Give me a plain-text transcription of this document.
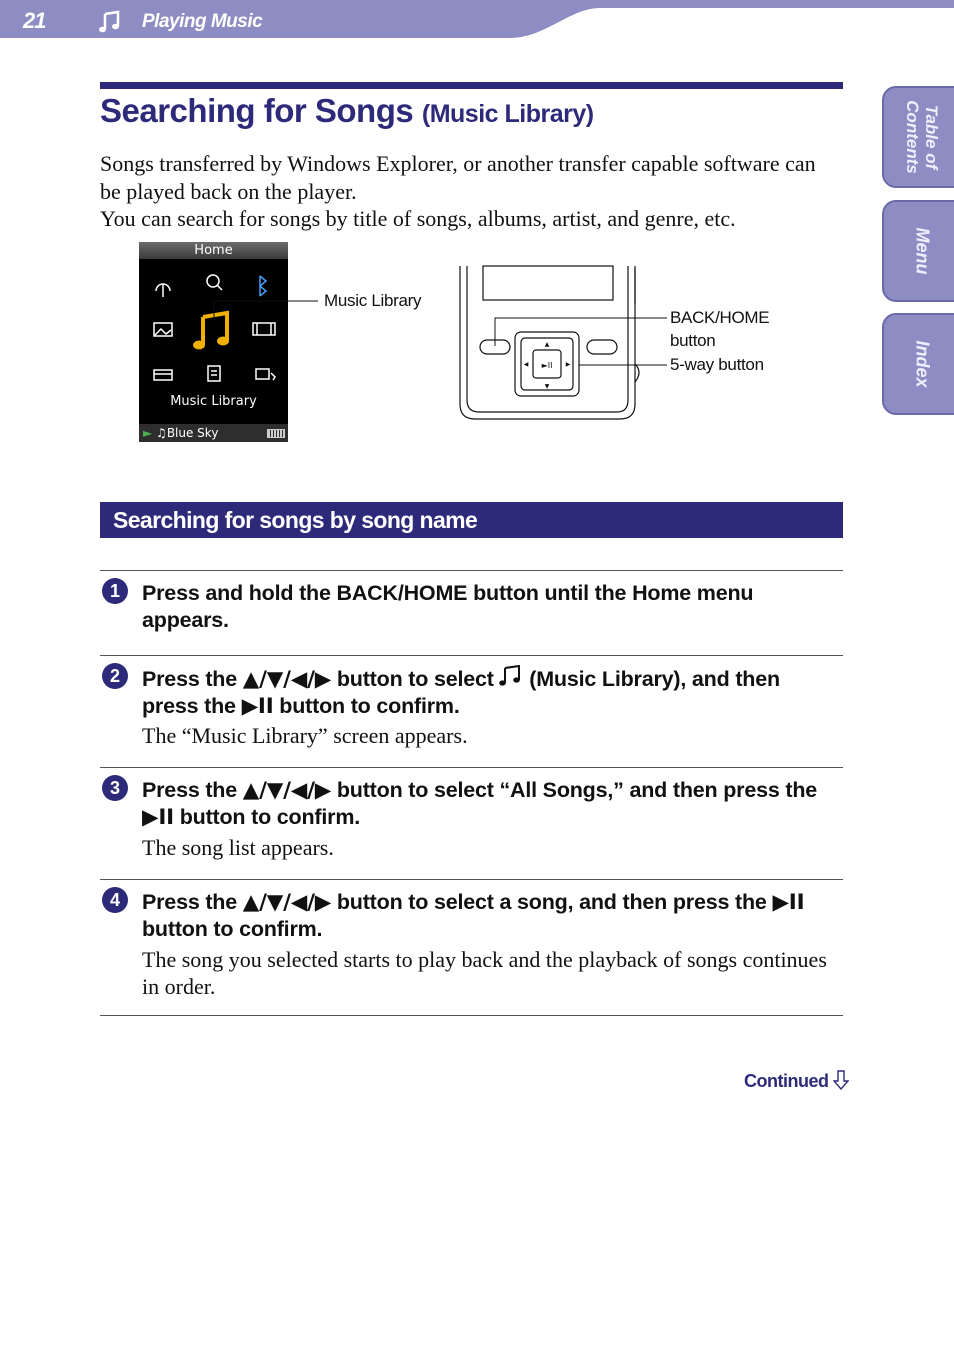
21	Playing Music
Table of Contents
Menu
Index
Searching for Songs (Music Library)

Songs transferred by Windows Explorer, or another transfer capable software can be played back on the player.

You can search for songs by title of songs, albums, artist, and genre, etc.

Home
Music Library
► ♫Blue Sky
Music Library
►II
▲
▼
◀	▶
BACK/HOME
button
5-way button
Searching for songs by song name
1	Press and hold the BACK/HOME button until the Home menu appears.
2	Press the ▲/▼/◀/▶ button to select  (Music Library), and then press the ▶II button to confirm.
The “Music Library” screen appears.
3	Press the ▲/▼/◀/▶ button to select “All Songs,” and then press the ▶II button to confirm.
The song list appears.
4	Press the ▲/▼/◀/▶ button to select a song, and then press the ▶II button to confirm.
The song you selected starts to play back and the playback of songs continues in order.
Continued
